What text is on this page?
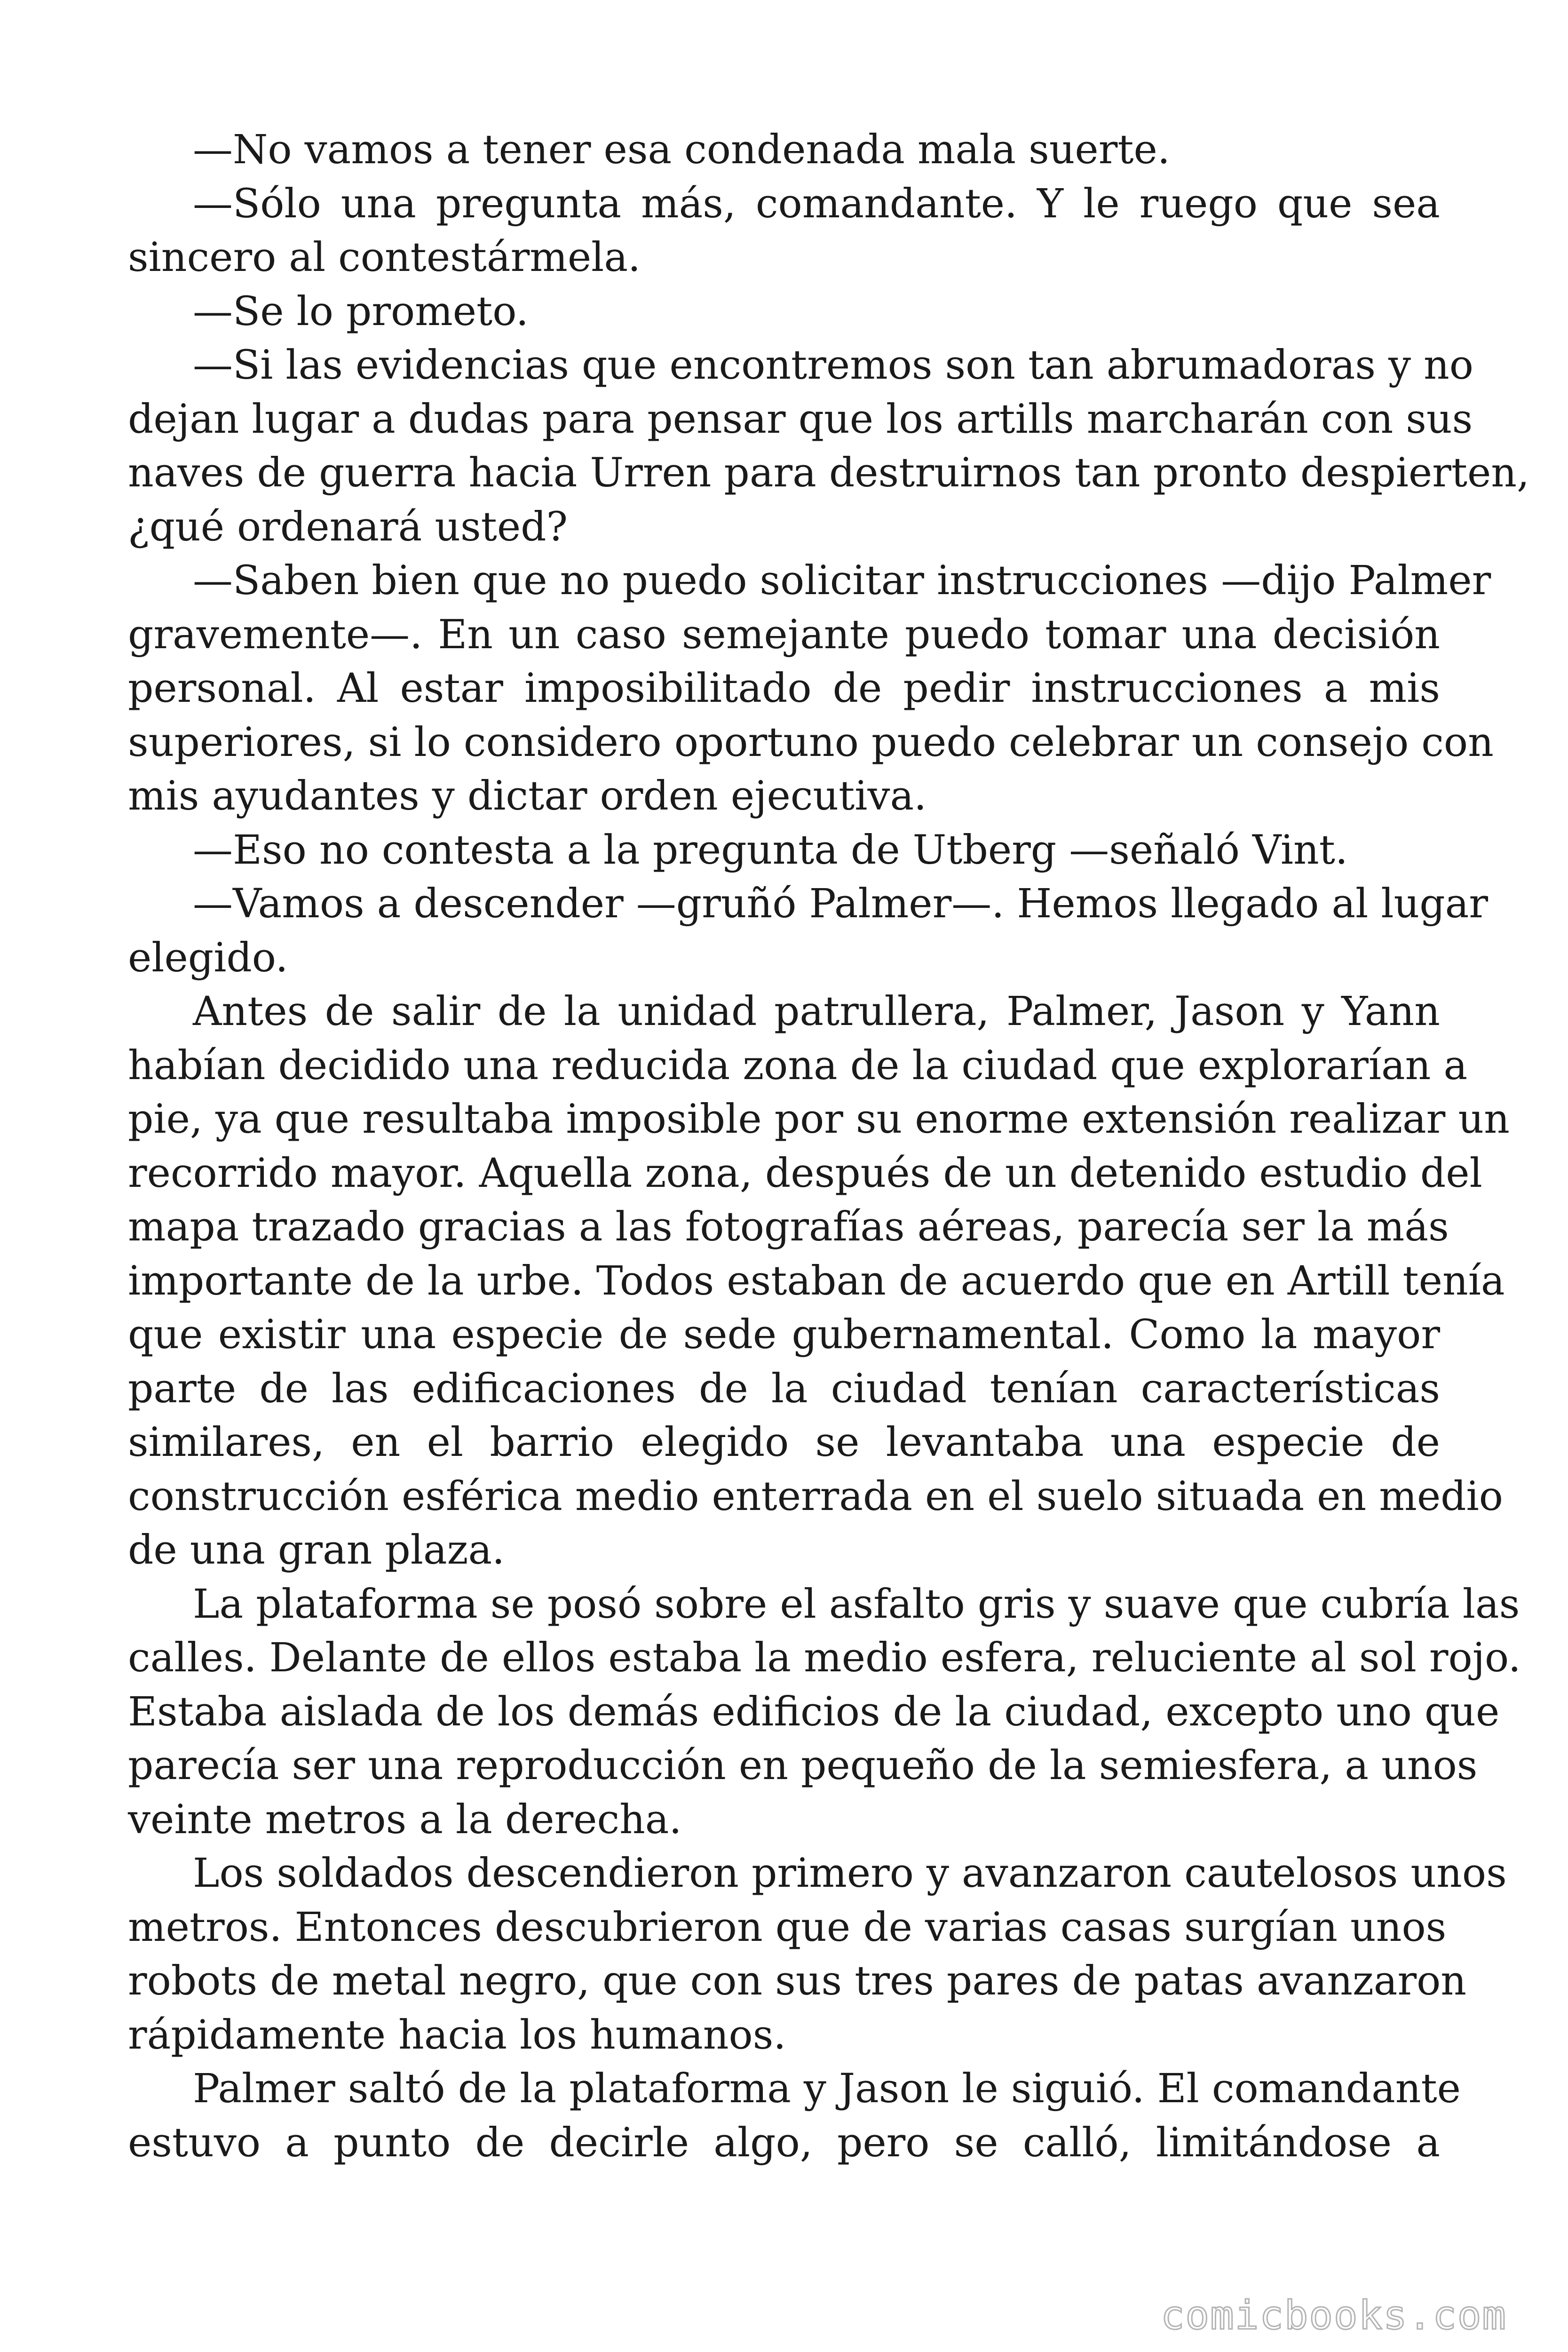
—No vamos a tener esa condenada mala suerte.
—Sólo una pregunta más, comandante. Y le ruego que sea
sincero al contestármela.
—Se lo prometo.
—Si las evidencias que encontremos son tan abrumadoras y no
dejan lugar a dudas para pensar que los artills marcharán con sus
naves de guerra hacia Urren para destruirnos tan pronto despierten,
¿qué ordenará usted?
—Saben bien que no puedo solicitar instrucciones —dijo Palmer
gravemente—. En un caso semejante puedo tomar una decisión
personal. Al estar imposibilitado de pedir instrucciones a mis
superiores, si lo considero oportuno puedo celebrar un consejo con
mis ayudantes y dictar orden ejecutiva.
—Eso no contesta a la pregunta de Utberg —señaló Vint.
—Vamos a descender —gruñó Palmer—. Hemos llegado al lugar
elegido.
Antes de salir de la unidad patrullera, Palmer, Jason y Yann
habían decidido una reducida zona de la ciudad que explorarían a
pie, ya que resultaba imposible por su enorme extensión realizar un
recorrido mayor. Aquella zona, después de un detenido estudio del
mapa trazado gracias a las fotografías aéreas, parecía ser la más
importante de la urbe. Todos estaban de acuerdo que en Artill tenía
que existir una especie de sede gubernamental. Como la mayor
parte de las edificaciones de la ciudad tenían características
similares, en el barrio elegido se levantaba una especie de
construcción esférica medio enterrada en el suelo situada en medio
de una gran plaza.
La plataforma se posó sobre el asfalto gris y suave que cubría las
calles. Delante de ellos estaba la medio esfera, reluciente al sol rojo.
Estaba aislada de los demás edificios de la ciudad, excepto uno que
parecía ser una reproducción en pequeño de la semiesfera, a unos
veinte metros a la derecha.
Los soldados descendieron primero y avanzaron cautelosos unos
metros. Entonces descubrieron que de varias casas surgían unos
robots de metal negro, que con sus tres pares de patas avanzaron
rápidamente hacia los humanos.
Palmer saltó de la plataforma y Jason le siguió. El comandante
estuvo a punto de decirle algo, pero se calló, limitándose a
comicbooks.com
